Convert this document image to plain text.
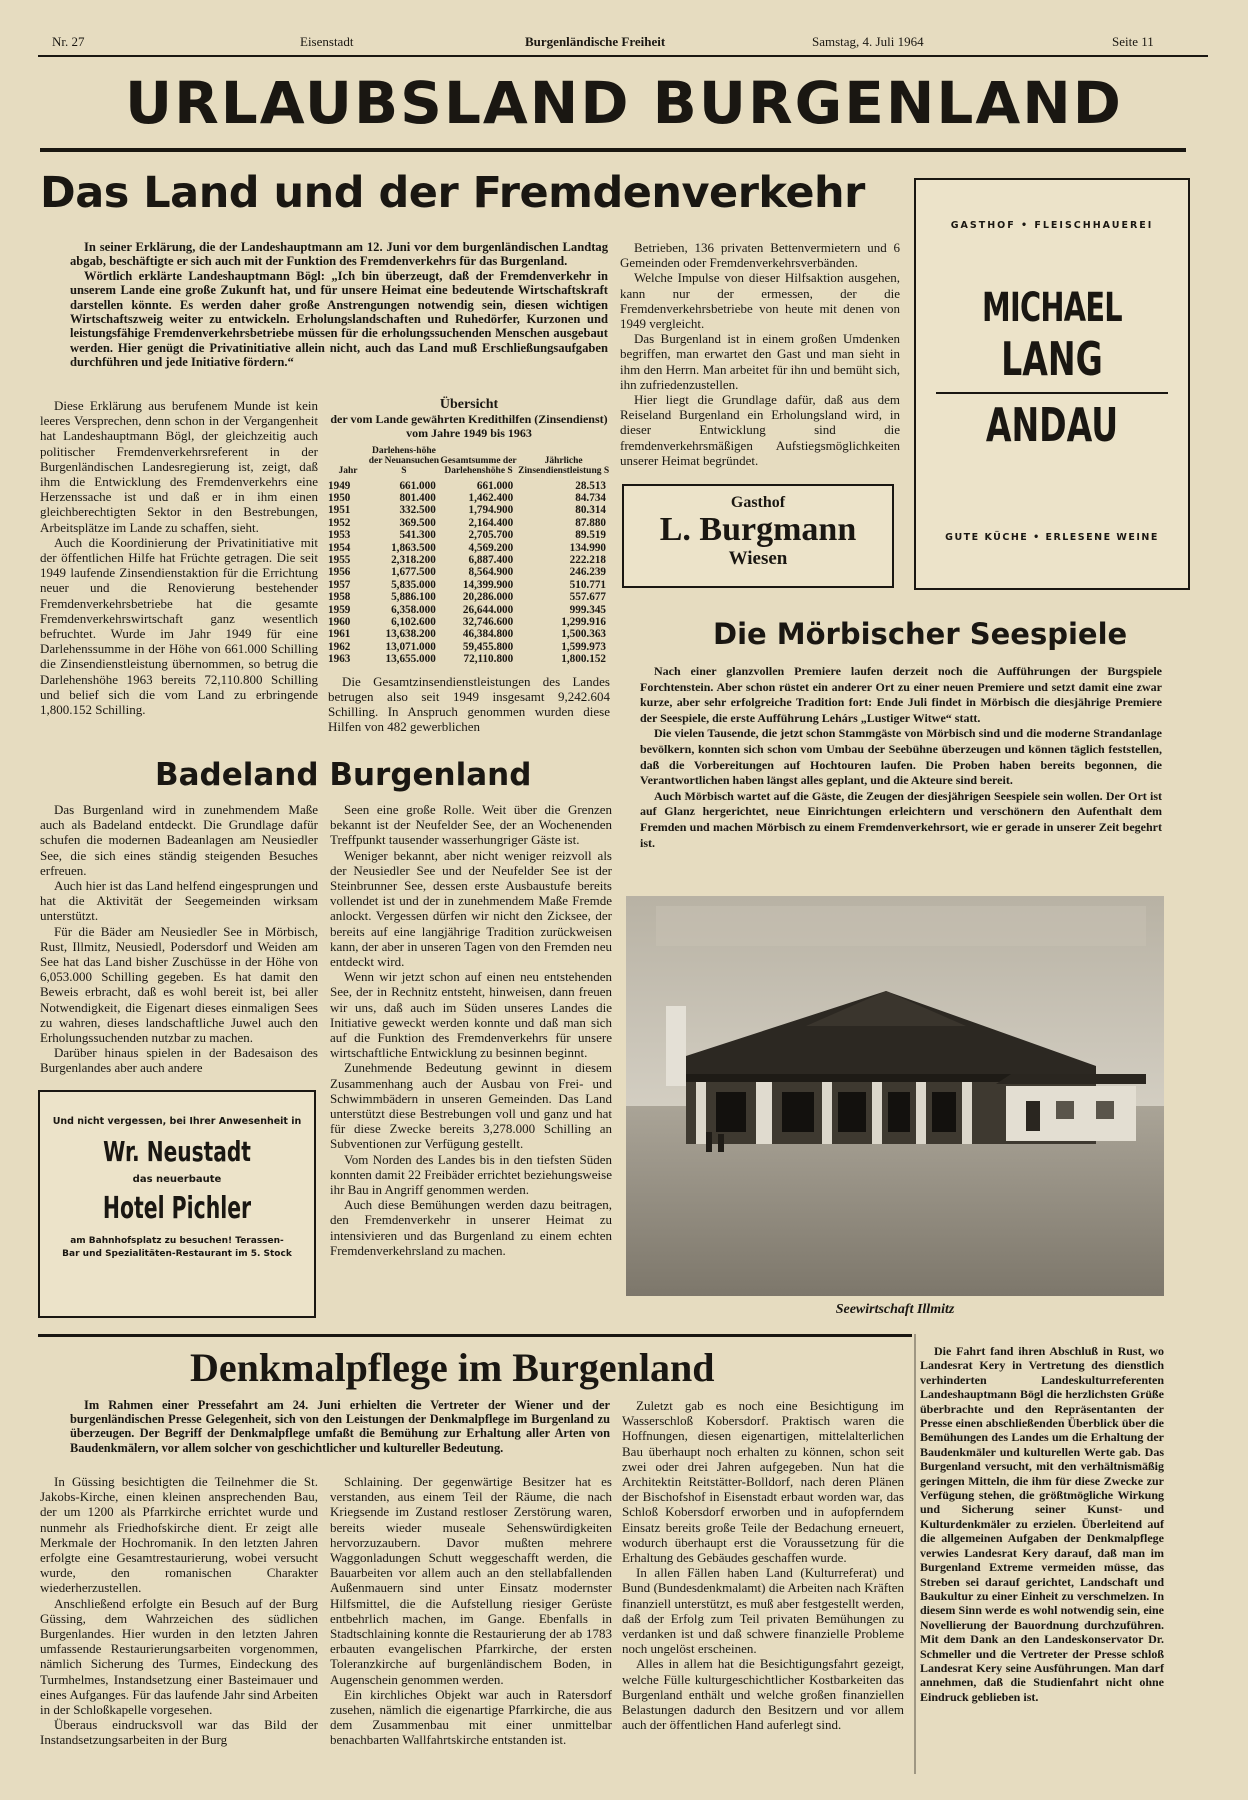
Nr. 27	Eisenstadt	Burgenländische Freiheit	Samstag, 4. Juli 1964	Seite 11
URLAUBSLAND BURGENLAND
Das Land und der Fremdenverkehr

In seiner Erklärung, die der Landeshauptmann am 12. Juni vor dem burgenländischen Landtag abgab, beschäftigte er sich auch mit der Funktion des Fremdenverkehrs für das Burgenland.

Wörtlich erklärte Landeshauptmann Bögl: „Ich bin überzeugt, daß der Fremdenverkehr in unserem Lande eine große Zukunft hat, und für unsere Heimat eine bedeutende Wirtschaftskraft darstellen könnte. Es werden daher große Anstrengungen notwendig sein, diesen wichtigen Wirtschaftszweig weiter zu entwickeln. Erholungslandschaften und Ruhedörfer, Kurzonen und leistungsfähige Fremdenverkehrsbetriebe müssen für die erholungssuchenden Menschen ausgebaut werden. Hier genügt die Privatinitiative allein nicht, auch das Land muß Erschließungsaufgaben durchführen und jede Initiative fördern.“

Diese Erklärung aus berufenem Munde ist kein leeres Versprechen, denn schon in der Vergangenheit hat Landeshauptmann Bögl, der gleichzeitig auch politischer Fremdenverkehrsreferent in der Burgenländischen Landesregierung ist, zeigt, daß ihm die Entwicklung des Fremdenverkehrs eine Herzenssache ist und daß er in ihm einen gleichberechtigten Sektor in den Bestrebungen, Arbeitsplätze im Lande zu schaffen, sieht.

Auch die Koordinierung der Privatinitiative mit der öffentlichen Hilfe hat Früchte getragen. Die seit 1949 laufende Zinsendienstaktion für die Errichtung neuer und die Renovierung bestehender Fremdenverkehrsbetriebe hat die gesamte Fremdenverkehrswirtschaft ganz wesentlich befruchtet. Wurde im Jahr 1949 für eine Darlehenssumme in der Höhe von 661.000 Schilling die Zinsendienstleistung übernommen, so betrug die Darlehenshöhe 1963 bereits 72,110.800 Schilling und belief sich die vom Land zu erbringende 1,800.152 Schilling.

Übersicht
der vom Lande gewährten Kredithilfen (Zinsendienst) vom Jahre 1949 bis 1963
Jahr	Darlehens-höhe der Neuansuchen S	Gesamtsumme der Darlehenshöhe S	Jährliche Zinsendienstleistung S
1949	661.000	661.000	28.513
1950	801.400	1,462.400	84.734
1951	332.500	1,794.900	80.314
1952	369.500	2,164.400	87.880
1953	541.300	2,705.700	89.519
1954	1,863.500	4,569.200	134.990
1955	2,318.200	6,887.400	222.218
1956	1,677.500	8,564.900	246.239
1957	5,835.000	14,399.900	510.771
1958	5,886.100	20,286.000	557.677
1959	6,358.000	26,644.000	999.345
1960	6,102.600	32,746.600	1,299.916
1961	13,638.200	46,384.800	1,500.363
1962	13,071.000	59,455.800	1,599.973
1963	13,655.000	72,110.800	1,800.152

Die Gesamtzinsendienstleistungen des Landes betrugen also seit 1949 insgesamt 9,242.604 Schilling. In Anspruch genommen wurden diese Hilfen von 482 gewerblichen

Betrieben, 136 privaten Bettenvermietern und 6 Gemeinden oder Fremdenverkehrsverbänden.

Welche Impulse von dieser Hilfsaktion ausgehen, kann nur der ermessen, der die Fremdenverkehrsbetriebe von heute mit denen von 1949 vergleicht.

Das Burgenland ist in einem großen Umdenken begriffen, man erwartet den Gast und man sieht in ihm den Herrn. Man arbeitet für ihn und bemüht sich, ihn zufriedenzustellen.

Hier liegt die Grundlage dafür, daß aus dem Reiseland Burgenland ein Erholungsland wird, in dieser Entwicklung sind die fremdenverkehrsmäßigen Aufstiegsmöglichkeiten unserer Heimat begründet.

GASTHOF • FLEISCHHAUEREI
MICHAEL
LANG
ANDAU
GUTE KÜCHE • ERLESENE WEINE
Gasthof
L. Burgmann
Wiesen
Die Mörbischer Seespiele

Nach einer glanzvollen Premiere laufen derzeit noch die Aufführungen der Burgspiele Forchtenstein. Aber schon rüstet ein anderer Ort zu einer neuen Premiere und setzt damit eine zwar kurze, aber sehr erfolgreiche Tradition fort: Ende Juli findet in Mörbisch die diesjährige Premiere der Seespiele, die erste Aufführung Lehárs „Lustiger Witwe“ statt.

Die vielen Tausende, die jetzt schon Stammgäste von Mörbisch sind und die moderne Strandanlage bevölkern, konnten sich schon vom Umbau der Seebühne überzeugen und können täglich feststellen, daß die Vorbereitungen auf Hochtouren laufen. Die Proben haben bereits begonnen, die Verantwortlichen haben längst alles geplant, und die Akteure sind bereit.

Auch Mörbisch wartet auf die Gäste, die Zeugen der diesjährigen Seespiele sein wollen. Der Ort ist auf Glanz hergerichtet, neue Einrichtungen erleichtern und verschönern den Aufenthalt dem Fremden und machen Mörbisch zu einem Fremdenverkehrsort, wie er gerade in unserer Zeit begehrt ist.

Seewirtschaft Illmitz
Badeland Burgenland

Das Burgenland wird in zunehmendem Maße auch als Badeland entdeckt. Die Grundlage dafür schufen die modernen Badeanlagen am Neusiedler See, die sich eines ständig steigenden Besuches erfreuen.

Auch hier ist das Land helfend eingesprungen und hat die Aktivität der Seegemeinden wirksam unterstützt.

Für die Bäder am Neusiedler See in Mörbisch, Rust, Illmitz, Neusiedl, Podersdorf und Weiden am See hat das Land bisher Zuschüsse in der Höhe von 6,053.000 Schilling gegeben. Es hat damit den Beweis erbracht, daß es wohl bereit ist, bei aller Notwendigkeit, die Eigenart dieses einmaligen Sees zu wahren, dieses landschaftliche Juwel auch den Erholungssuchenden nutzbar zu machen.

Darüber hinaus spielen in der Badesaison des Burgenlandes aber auch andere

Seen eine große Rolle. Weit über die Grenzen bekannt ist der Neufelder See, der an Wochenenden Treffpunkt tausender wasserhungriger Gäste ist.

Weniger bekannt, aber nicht weniger reizvoll als der Neusiedler See und der Neufelder See ist der Steinbrunner See, dessen erste Ausbaustufe bereits vollendet ist und der in zunehmendem Maße Fremde anlockt. Vergessen dürfen wir nicht den Zicksee, der bereits auf eine langjährige Tradition zurückweisen kann, der aber in unseren Tagen von den Fremden neu entdeckt wird.

Wenn wir jetzt schon auf einen neu entstehenden See, der in Rechnitz entsteht, hinweisen, dann freuen wir uns, daß auch im Süden unseres Landes die Initiative geweckt werden konnte und daß man sich auf die Funktion des Fremdenverkehrs für unsere wirtschaftliche Entwicklung zu besinnen beginnt.

Zunehmende Bedeutung gewinnt in diesem Zusammenhang auch der Ausbau von Frei- und Schwimmbädern in unseren Gemeinden. Das Land unterstützt diese Bestrebungen voll und ganz und hat für diese Zwecke bereits 3,278.000 Schilling an Subventionen zur Verfügung gestellt.

Vom Norden des Landes bis in den tiefsten Süden konnten damit 22 Freibäder errichtet beziehungsweise ihr Bau in Angriff genommen werden.

Auch diese Bemühungen werden dazu beitragen, den Fremdenverkehr in unserer Heimat zu intensivieren und das Burgenland zu einem echten Fremdenverkehrsland zu machen.

Und nicht vergessen, bei Ihrer Anwesenheit in
Wr. Neustadt
das neuerbaute
Hotel Pichler
am Bahnhofsplatz zu besuchen! Terassen-
Bar und Spezialitäten-Restaurant im 5. Stock
Denkmalpflege im Burgenland

Im Rahmen einer Pressefahrt am 24. Juni erhielten die Vertreter der Wiener und der burgenländischen Presse Gelegenheit, sich von den Leistungen der Denkmalpflege im Burgenland zu überzeugen. Der Begriff der Denkmalpflege umfaßt die Bemühung zur Erhaltung aller Arten von Baudenkmälern, vor allem solcher von geschichtlicher und kultureller Bedeutung.

In Güssing besichtigten die Teilnehmer die St. Jakobs-Kirche, einen kleinen ansprechenden Bau, der um 1200 als Pfarrkirche errichtet wurde und nunmehr als Friedhofskirche dient. Er zeigt alle Merkmale der Hochromanik. In den letzten Jahren erfolgte eine Gesamtrestaurierung, wobei versucht wurde, den romanischen Charakter wiederherzustellen.

Anschließend erfolgte ein Besuch auf der Burg Güssing, dem Wahrzeichen des südlichen Burgenlandes. Hier wurden in den letzten Jahren umfassende Restaurierungsarbeiten vorgenommen, nämlich Sicherung des Turmes, Eindeckung des Turmhelmes, Instandsetzung einer Basteimauer und eines Aufganges. Für das laufende Jahr sind Arbeiten in der Schloßkapelle vorgesehen.

Überaus eindrucksvoll war das Bild der Instandsetzungsarbeiten in der Burg

Schlaining. Der gegenwärtige Besitzer hat es verstanden, aus einem Teil der Räume, die nach Kriegsende im Zustand restloser Zerstörung waren, bereits wieder museale Sehenswürdigkeiten hervorzuzaubern. Davor mußten mehrere Waggonladungen Schutt weggeschafft werden, die Bauarbeiten vor allem auch an den stellabfallenden Außenmauern sind unter Einsatz modernster Hilfsmittel, die die Aufstellung riesiger Gerüste entbehrlich machen, im Gange. Ebenfalls in Stadtschlaining konnte die Restaurierung der ab 1783 erbauten evangelischen Pfarrkirche, der ersten Toleranzkirche auf burgenländischem Boden, in Augenschein genommen werden.

Ein kirchliches Objekt war auch in Ratersdorf zusehen, nämlich die eigenartige Pfarrkirche, die aus dem Zusammenbau mit einer unmittelbar benachbarten Wallfahrtskirche entstanden ist.

Zuletzt gab es noch eine Besichtigung im Wasserschloß Kobersdorf. Praktisch waren die Hoffnungen, diesen eigenartigen, mittelalterlichen Bau überhaupt noch erhalten zu können, schon seit zwei oder drei Jahren aufgegeben. Nun hat die Architektin Reitstätter-Bolldorf, nach deren Plänen der Bischofshof in Eisenstadt erbaut worden war, das Schloß Kobersdorf erworben und in aufopferndem Einsatz bereits große Teile der Bedachung erneuert, wodurch überhaupt erst die Voraussetzung für die Erhaltung des Gebäudes geschaffen wurde.

In allen Fällen haben Land (Kulturreferat) und Bund (Bundesdenkmalamt) die Arbeiten nach Kräften finanziell unterstützt, es muß aber festgestellt werden, daß der Erfolg zum Teil privaten Bemühungen zu verdanken ist und daß schwere finanzielle Probleme noch ungelöst erscheinen.

Alles in allem hat die Besichtigungsfahrt gezeigt, welche Fülle kulturgeschichtlicher Kostbarkeiten das Burgenland enthält und welche großen finanziellen Belastungen dadurch den Besitzern und vor allem auch der öffentlichen Hand auferlegt sind.

Die Fahrt fand ihren Abschluß in Rust, wo Landesrat Kery in Vertretung des dienstlich verhinderten Landeskulturreferenten Landeshauptmann Bögl die herzlichsten Grüße überbrachte und den Repräsentanten der Presse einen abschließenden Überblick über die Bemühungen des Landes um die Erhaltung der Baudenkmäler und kulturellen Werte gab. Das Burgenland versucht, mit den verhältnismäßig geringen Mitteln, die ihm für diese Zwecke zur Verfügung stehen, die größtmögliche Wirkung und Sicherung seiner Kunst- und Kulturdenkmäler zu erzielen. Überleitend auf die allgemeinen Aufgaben der Denkmalpflege verwies Landesrat Kery darauf, daß man im Burgenland Extreme vermeiden müsse, das Streben sei darauf gerichtet, Landschaft und Baukultur zu einer Einheit zu verschmelzen. In diesem Sinn werde es wohl notwendig sein, eine Novellierung der Bauordnung durchzuführen. Mit dem Dank an den Landeskonservator Dr. Schmeller und die Vertreter der Presse schloß Landesrat Kery seine Ausführungen. Man darf annehmen, daß die Studienfahrt nicht ohne Eindruck geblieben ist.
